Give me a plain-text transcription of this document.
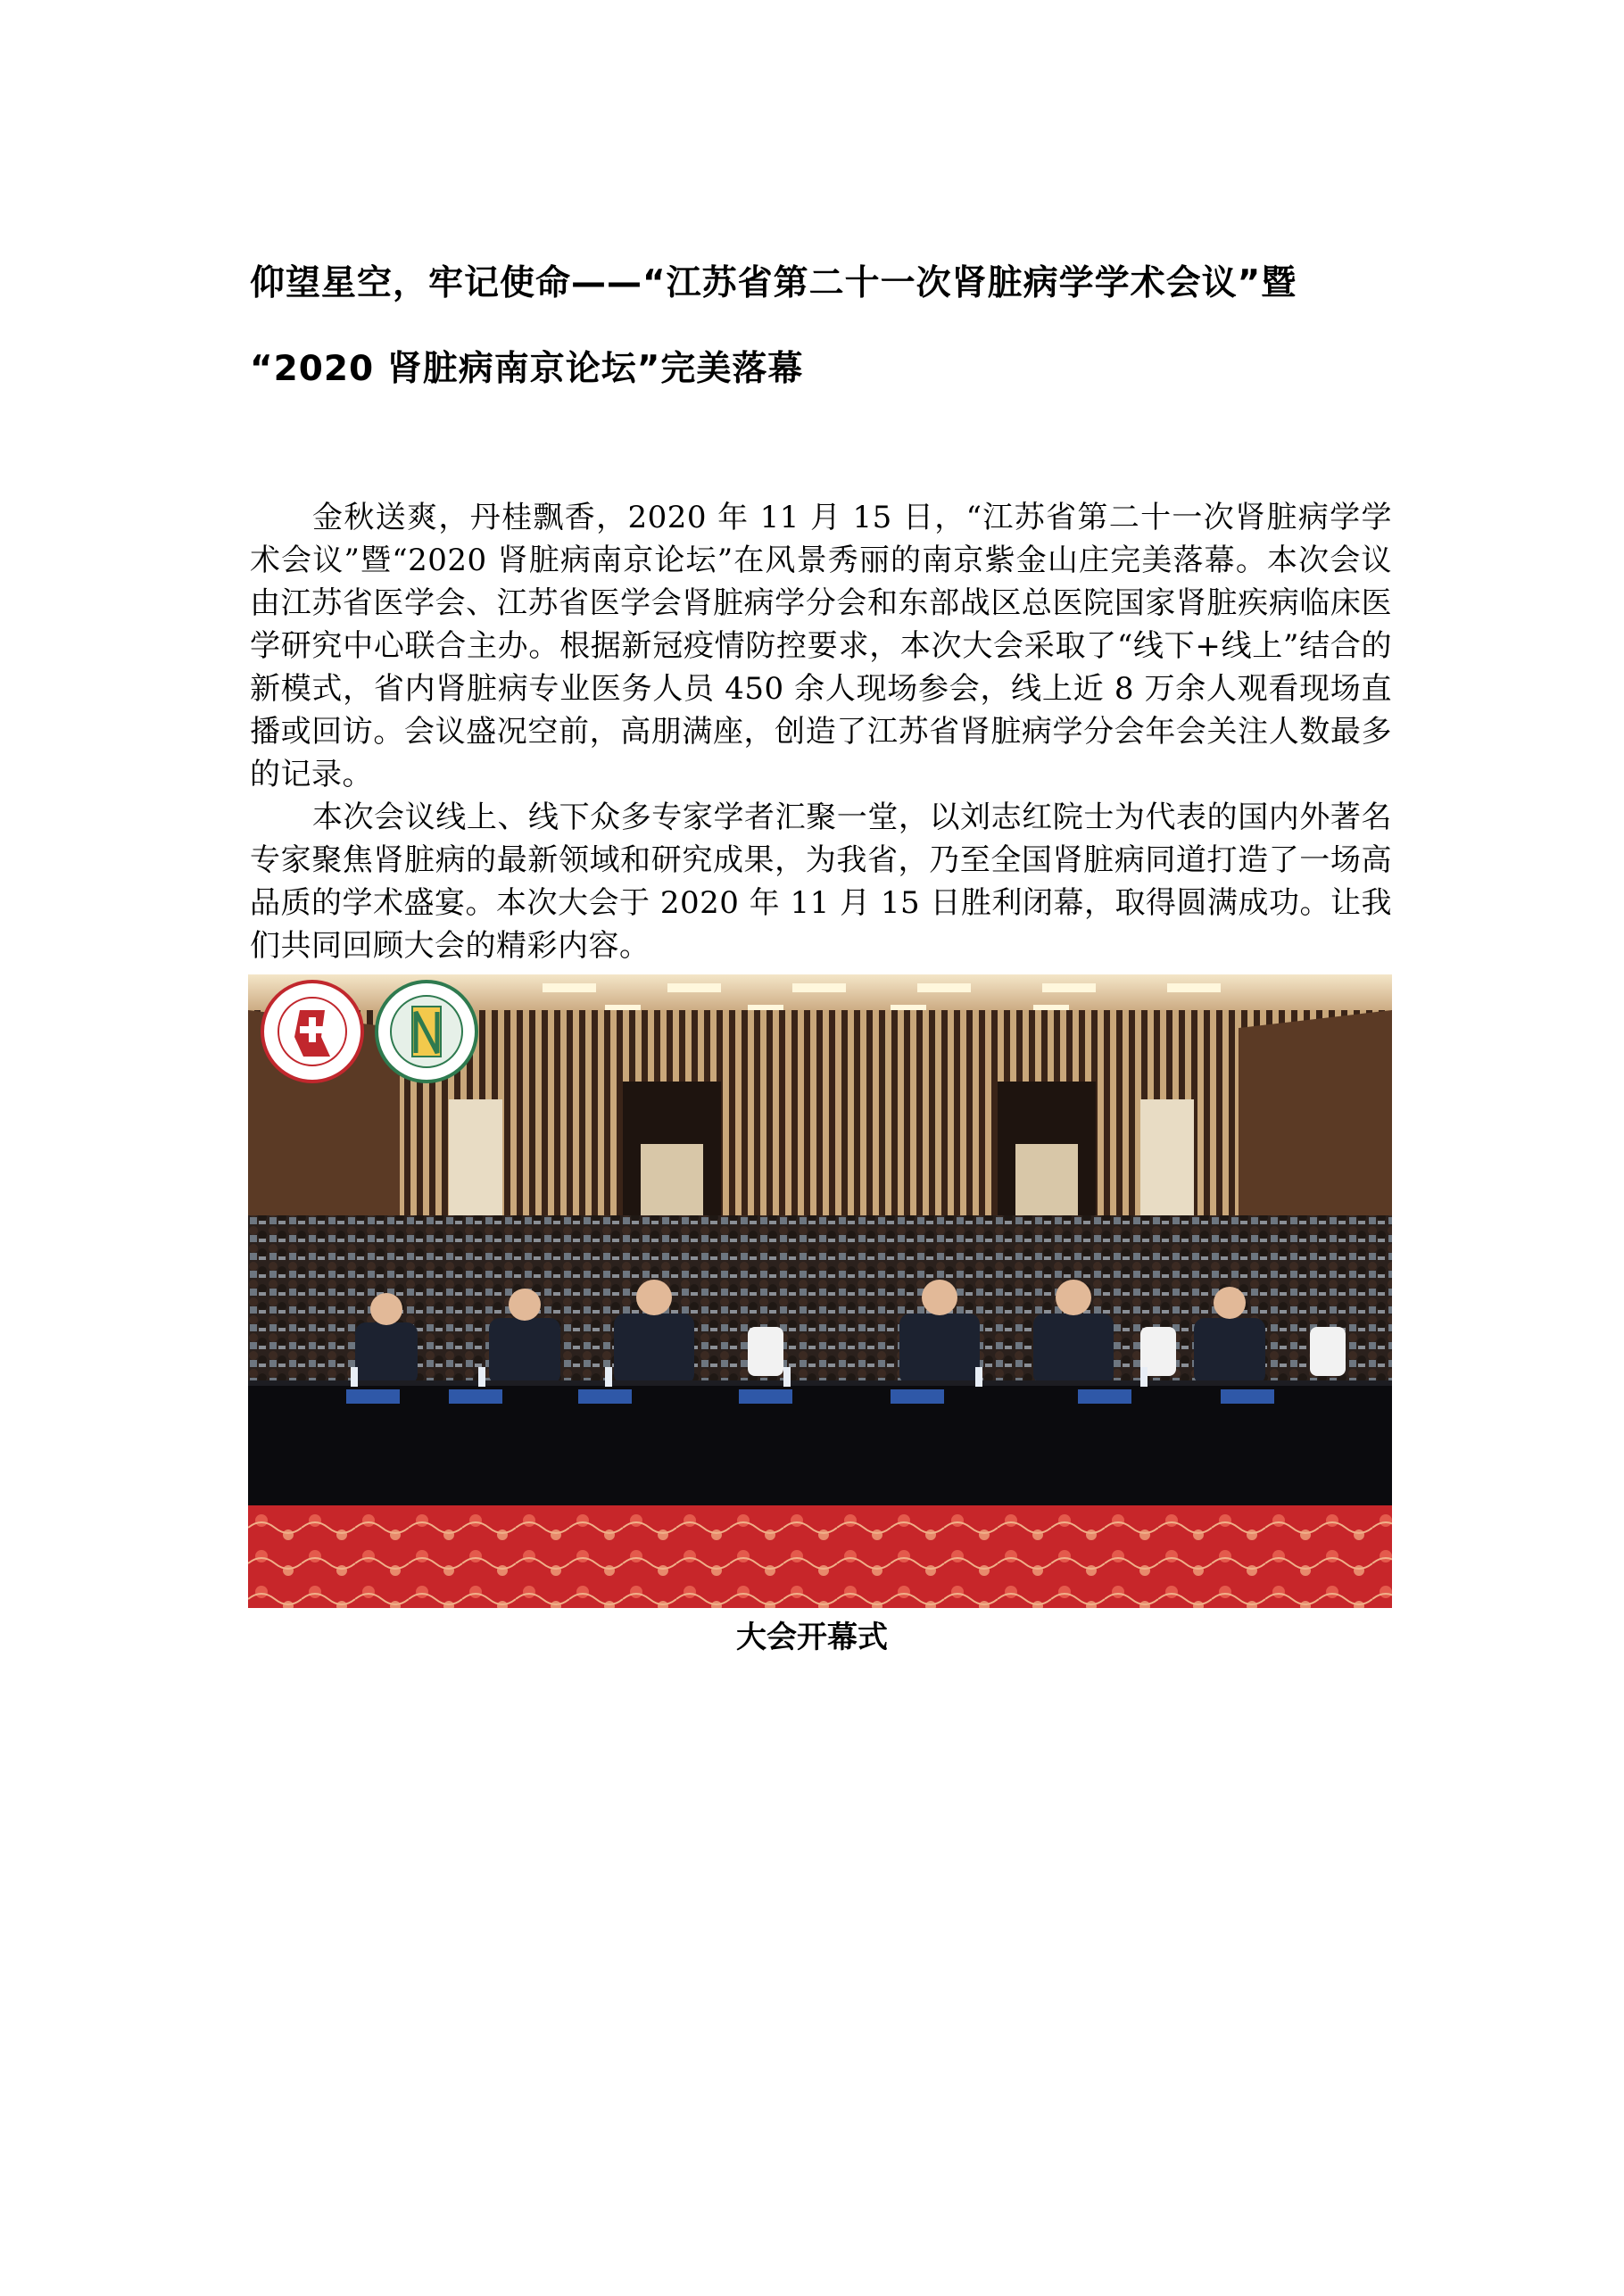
仰望星空，牢记使命——“江苏省第二十一次肾脏病学学术会议”暨
“2020 肾脏病南京论坛”完美落幕

金秋送爽，丹桂飘香，2020 年 11 月 15 日，“江苏省第二十一次肾脏病学学术会议”暨“2020 肾脏病南京论坛”在风景秀丽的南京紫金山庄完美落幕。本次会议由江苏省医学会、江苏省医学会肾脏病学分会和东部战区总医院国家肾脏疾病临床医学研究中心联合主办。根据新冠疫情防控要求，本次大会采取了“线下+线上”结合的新模式，省内肾脏病专业医务人员 450 余人现场参会，线上近 8 万余人观看现场直播或回访。会议盛况空前，高朋满座，创造了江苏省肾脏病学分会年会关注人数最多的记录。

本次会议线上、线下众多专家学者汇聚一堂，以刘志红院士为代表的国内外著名专家聚焦肾脏病的最新领域和研究成果，为我省，乃至全国肾脏病同道打造了一场高品质的学术盛宴。本次大会于 2020 年 11 月 15 日胜利闭幕，取得圆满成功。让我们共同回顾大会的精彩内容。

大会开幕式
